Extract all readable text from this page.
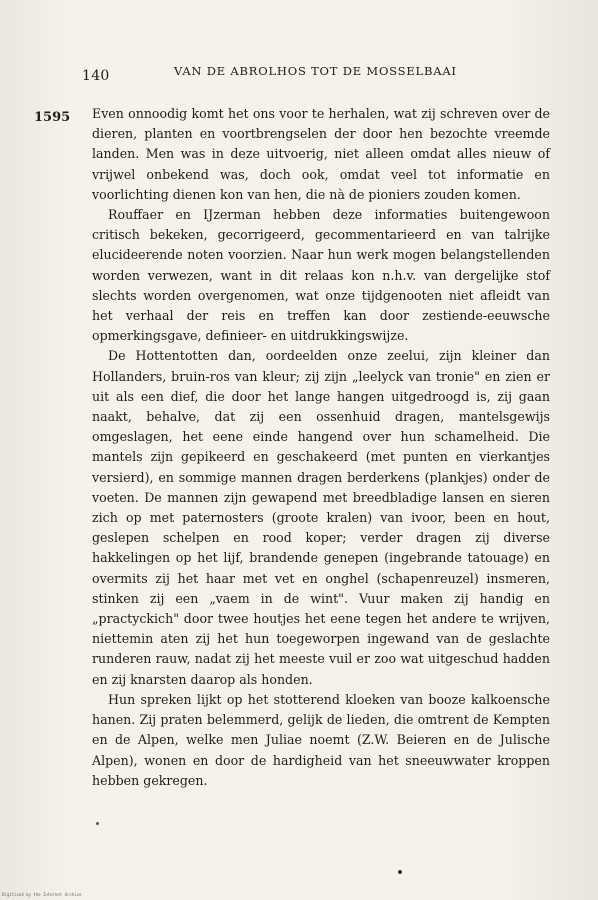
140	VAN DE ABROLHOS TOT DE MOSSELBAAI
1595 Even onnoodig komt het ons voor te herhalen, wat zij schreven over de dieren, planten en voortbrengselen der door hen bezochte vreemde landen. Men was in deze uitvoerig, niet alleen omdat alles nieuw of vrijwel onbekend was, doch ook, omdat veel tot informatie en voorlichting dienen kon van hen, die nà de pioniers zouden komen.

Rouffaer en IJzerman hebben deze informaties buitengewoon critisch bekeken, gecorrigeerd, gecommentarieerd en van talrijke elucideerende noten voorzien. Naar hun werk mogen belangstellenden worden verwezen, want in dit relaas kon n.h.v. van dergelijke stof slechts worden overgenomen, wat onze tijdgenooten niet afleidt van het verhaal der reis en treffen kan door zestiende-eeuwsche opmerkingsgave, definieer- en uitdrukkingswijze.

De Hottentotten dan, oordeelden onze zeelui, zijn kleiner dan Hollanders, bruin-ros van kleur; zij zijn „leelyck van tronie" en zien er uit als een dief, die door het lange hangen uitgedroogd is, zij gaan naakt, behalve, dat zij een ossenhuid dragen, mantelsgewijs omgeslagen, het eene einde hangend over hun schamelheid. Die mantels zijn gepikeerd en geschakeerd (met punten en vierkantjes versierd), en sommige mannen dragen berderkens (plankjes) onder de voeten. De mannen zijn gewapend met breedbladige lansen en sieren zich op met paternosters (groote kralen) van ivoor, been en hout, geslepen schelpen en rood koper; verder dragen zij diverse hakkelingen op het lijf, brandende genepen (ingebrande tatouage) en overmits zij het haar met vet en onghel (schapenreuzel) insmeren, stinken zij een „vaem in de wint". Vuur maken zij handig en „practyckich" door twee houtjes het eene tegen het andere te wrijven, niettemin aten zij het hun toegeworpen ingewand van de geslachte runderen rauw, nadat zij het meeste vuil er zoo wat uitgeschud hadden en zij knarsten daarop als honden.

Hun spreken lijkt op het stotterend kloeken van booze kalkoensche hanen. Zij praten belemmerd, gelijk de lieden, die omtrent de Kempten en de Alpen, welke men Juliae noemt (Z.W. Beieren en de Julische Alpen), wonen en door de hardigheid van het sneeuwwater kroppen hebben gekregen.

Digitized by the Internet Archive
